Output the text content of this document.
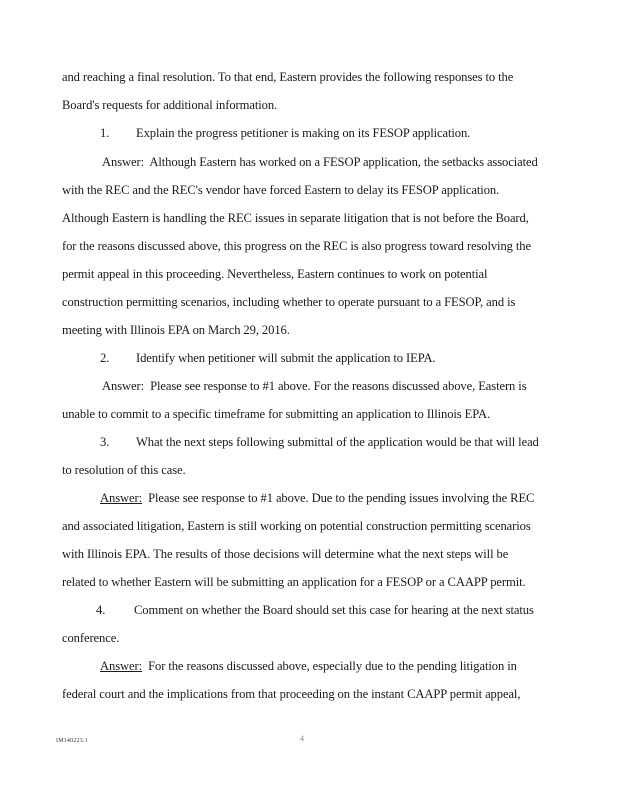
and reaching a final resolution. To that end, Eastern provides the following responses to the
Board's requests for additional information.
1. Explain the progress petitioner is making on its FESOP application.
Answer: Although Eastern has worked on a FESOP application, the setbacks associated
with the REC and the REC's vendor have forced Eastern to delay its FESOP application.
Although Eastern is handling the REC issues in separate litigation that is not before the Board,
for the reasons discussed above, this progress on the REC is also progress toward resolving the
permit appeal in this proceeding. Nevertheless, Eastern continues to work on potential
construction permitting scenarios, including whether to operate pursuant to a FESOP, and is
meeting with Illinois EPA on March 29, 2016.
2. Identify when petitioner will submit the application to IEPA.
Answer: Please see response to #1 above. For the reasons discussed above, Eastern is
unable to commit to a specific timeframe for submitting an application to Illinois EPA.
3. What the next steps following submittal of the application would be that will lead
to resolution of this case.
Answer: Please see response to #1 above. Due to the pending issues involving the REC
and associated litigation, Eastern is still working on potential construction permitting scenarios
with Illinois EPA. The results of those decisions will determine what the next steps will be
related to whether Eastern will be submitting an application for a FESOP or a CAAPP permit.
4. Comment on whether the Board should set this case for hearing at the next status
conference.
Answer: For the reasons discussed above, especially due to the pending litigation in
federal court and the implications from that proceeding on the instant CAAPP permit appeal,
IM140223.1	4
